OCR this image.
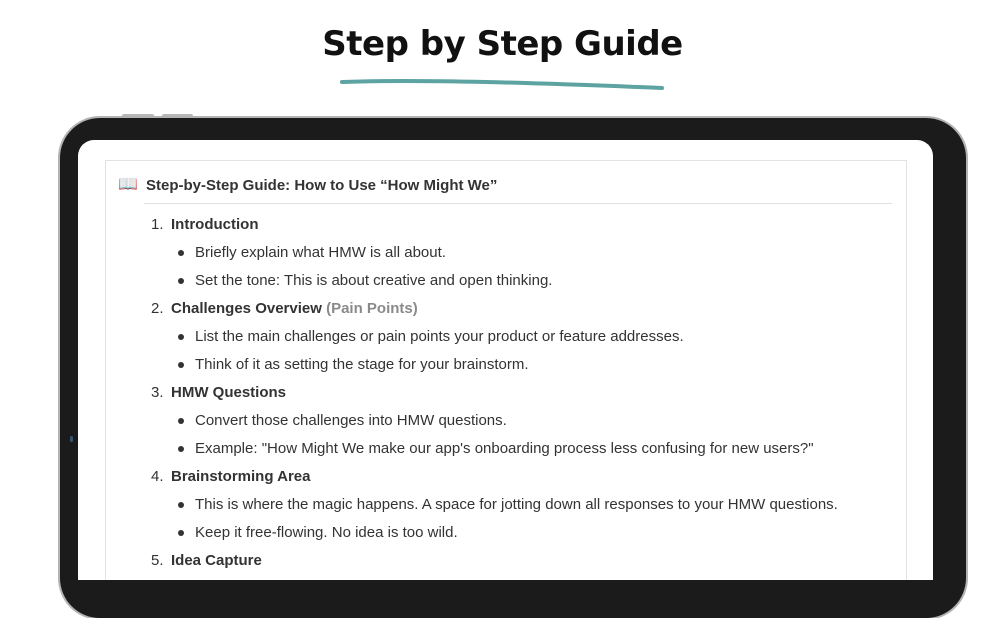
Step by Step Guide
📖 Step-by-Step Guide: How to Use “How Might We”
1. Introduction
Briefly explain what HMW is all about.
Set the tone: This is about creative and open thinking.
2. Challenges Overview (Pain Points)
List the main challenges or pain points your product or feature addresses.
Think of it as setting the stage for your brainstorm.
3. HMW Questions
Convert those challenges into HMW questions.
Example: "How Might We make our app's onboarding process less confusing for new users?"
4. Brainstorming Area
This is where the magic happens. A space for jotting down all responses to your HMW questions.
Keep it free-flowing. No idea is too wild.
5. Idea Capture
